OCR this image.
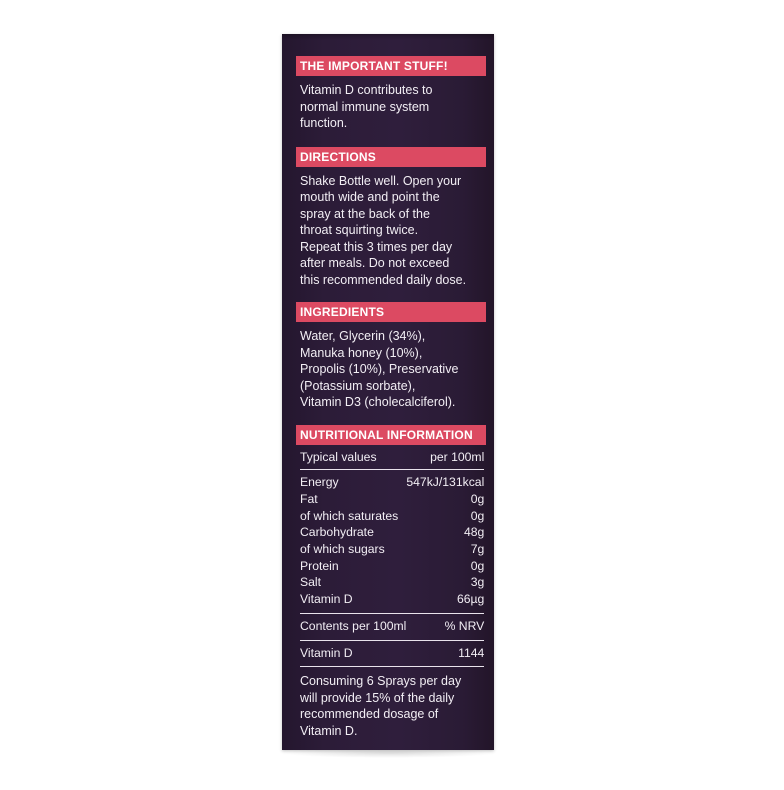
THE IMPORTANT STUFF!
Vitamin D contributes to
normal immune system
function.
DIRECTIONS
Shake Bottle well. Open your
mouth wide and point the
spray at the back of the
throat squirting twice.
Repeat this 3 times per day
after meals. Do not exceed
this recommended daily dose.
INGREDIENTS
Water, Glycerin (34%),
Manuka honey (10%),
Propolis (10%), Preservative
(Potassium sorbate),
Vitamin D3 (cholecalciferol).
NUTRITIONAL INFORMATION
Typical values	per 100ml

Energy	547kJ/131kcal
Fat	0g
of which saturates	0g
Carbohydrate	48g
of which sugars	7g
Protein	0g
Salt	3g
Vitamin D	66µg

Contents per 100ml	% NRV

Vitamin D	1144

Consuming 6 Sprays per day
will provide 15% of the daily
recommended dosage of
Vitamin D.
